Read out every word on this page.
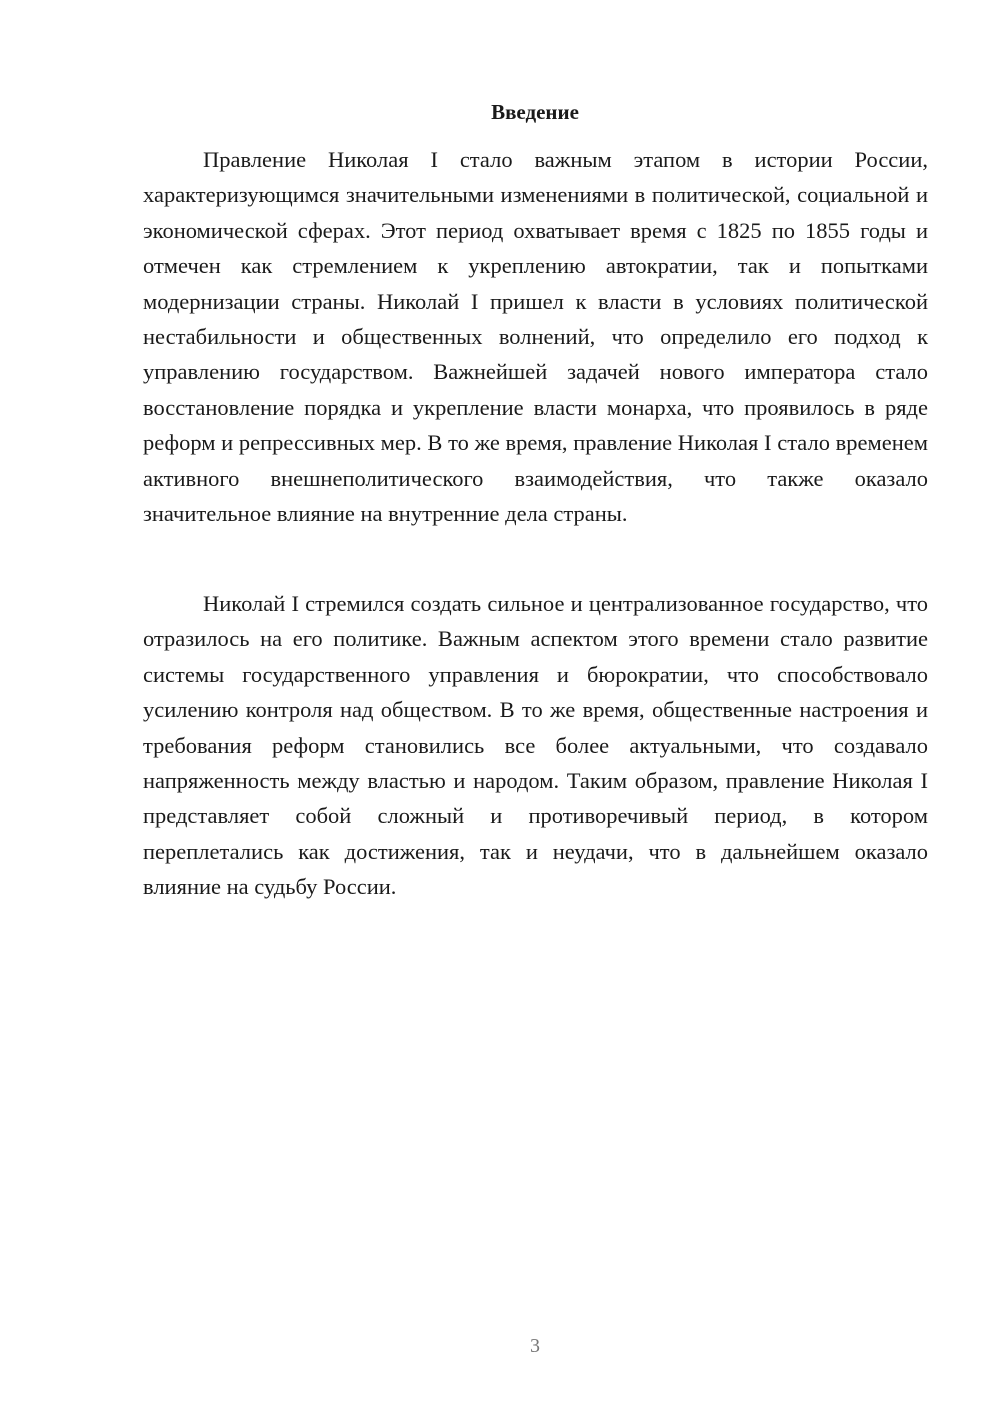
Введение

Правление Николая I стало важным этапом в истории России, характеризующимся значительными изменениями в политической, социальной и экономической сферах. Этот период охватывает время с 1825 по 1855 годы и отмечен как стремлением к укреплению автократии, так и попытками модернизации страны. Николай I пришел к власти в условиях политической нестабильности и общественных волнений, что определило его подход к управлению государством. Важнейшей задачей нового императора стало восстановление порядка и укрепление власти монарха, что проявилось в ряде реформ и репрессивных мер. В то же время, правление Николая I стало временем активного внешнеполитического взаимодействия, что также оказало значительное влияние на внутренние дела страны.

Николай I стремился создать сильное и централизованное государство, что отразилось на его политике. Важным аспектом этого времени стало развитие системы государственного управления и бюрократии, что способствовало усилению контроля над обществом. В то же время, общественные настроения и требования реформ становились все более актуальными, что создавало напряженность между властью и народом. Таким образом, правление Николая I представляет собой сложный и противоречивый период, в котором переплетались как достижения, так и неудачи, что в дальнейшем оказало влияние на судьбу России.

3
